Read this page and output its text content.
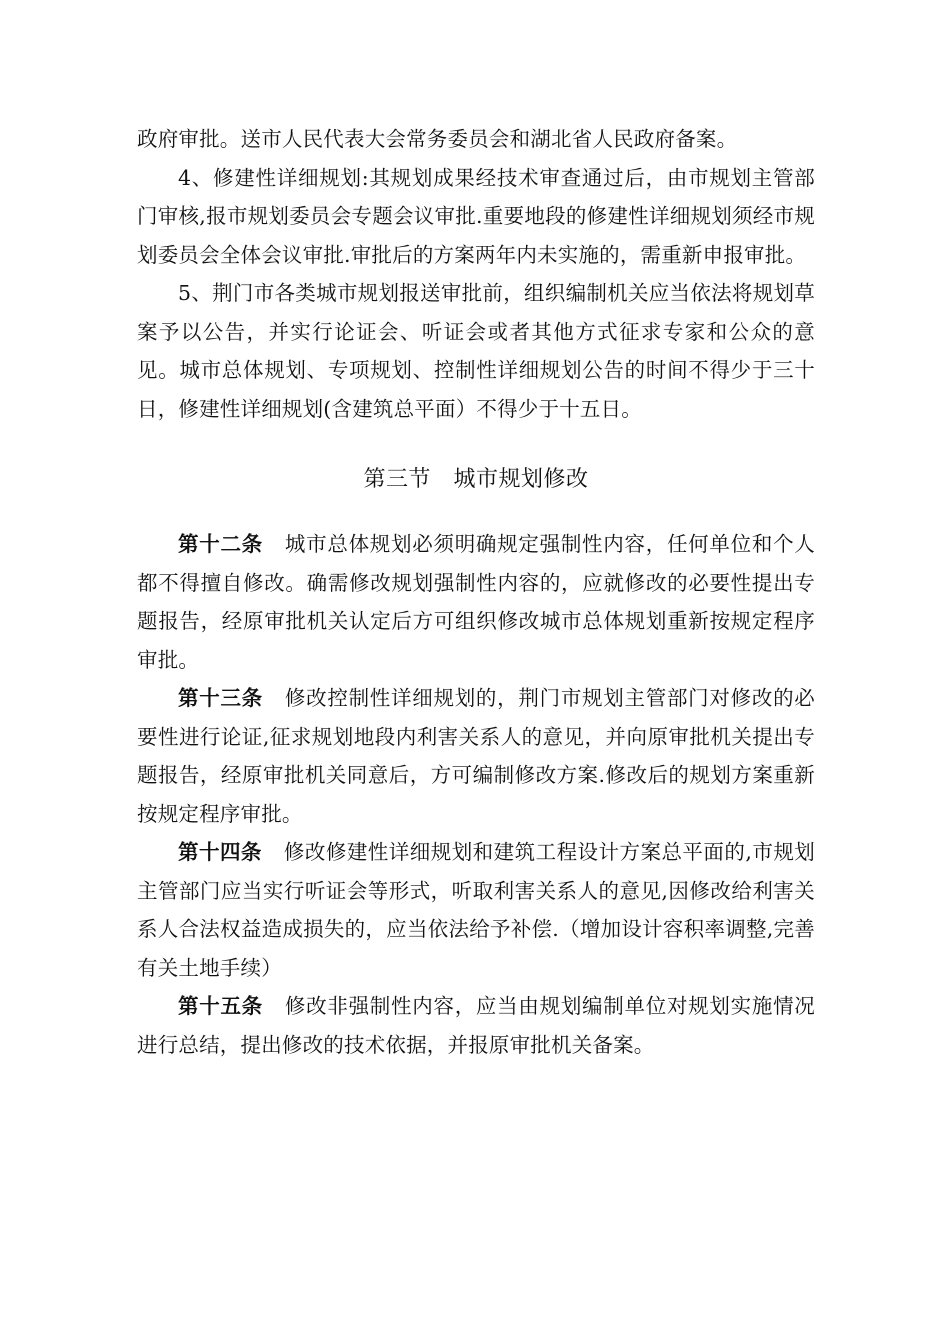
政府审批。送市人民代表大会常务委员会和湖北省人民政府备案。

4、修建性详细规划:其规划成果经技术审查通过后，由市规划主管部门审核,报市规划委员会专题会议审批.重要地段的修建性详细规划须经市规划委员会全体会议审批.审批后的方案两年内未实施的，需重新申报审批。

5、荆门市各类城市规划报送审批前，组织编制机关应当依法将规划草案予以公告，并实行论证会、听证会或者其他方式征求专家和公众的意见。城市总体规划、专项规划、控制性详细规划公告的时间不得少于三十日，修建性详细规划(含建筑总平面）不得少于十五日。

第三节　城市规划修改

第十二条 城市总体规划必须明确规定强制性内容，任何单位和个人都不得擅自修改。确需修改规划强制性内容的，应就修改的必要性提出专题报告，经原审批机关认定后方可组织修改城市总体规划重新按规定程序审批。

第十三条 修改控制性详细规划的，荆门市规划主管部门对修改的必要性进行论证,征求规划地段内利害关系人的意见，并向原审批机关提出专题报告，经原审批机关同意后，方可编制修改方案.修改后的规划方案重新按规定程序审批。

第十四条 修改修建性详细规划和建筑工程设计方案总平面的,市规划主管部门应当实行听证会等形式，听取利害关系人的意见,因修改给利害关系人合法权益造成损失的，应当依法给予补偿.（增加设计容积率调整,完善有关土地手续）

第十五条 修改非强制性内容，应当由规划编制单位对规划实施情况进行总结，提出修改的技术依据，并报原审批机关备案。
